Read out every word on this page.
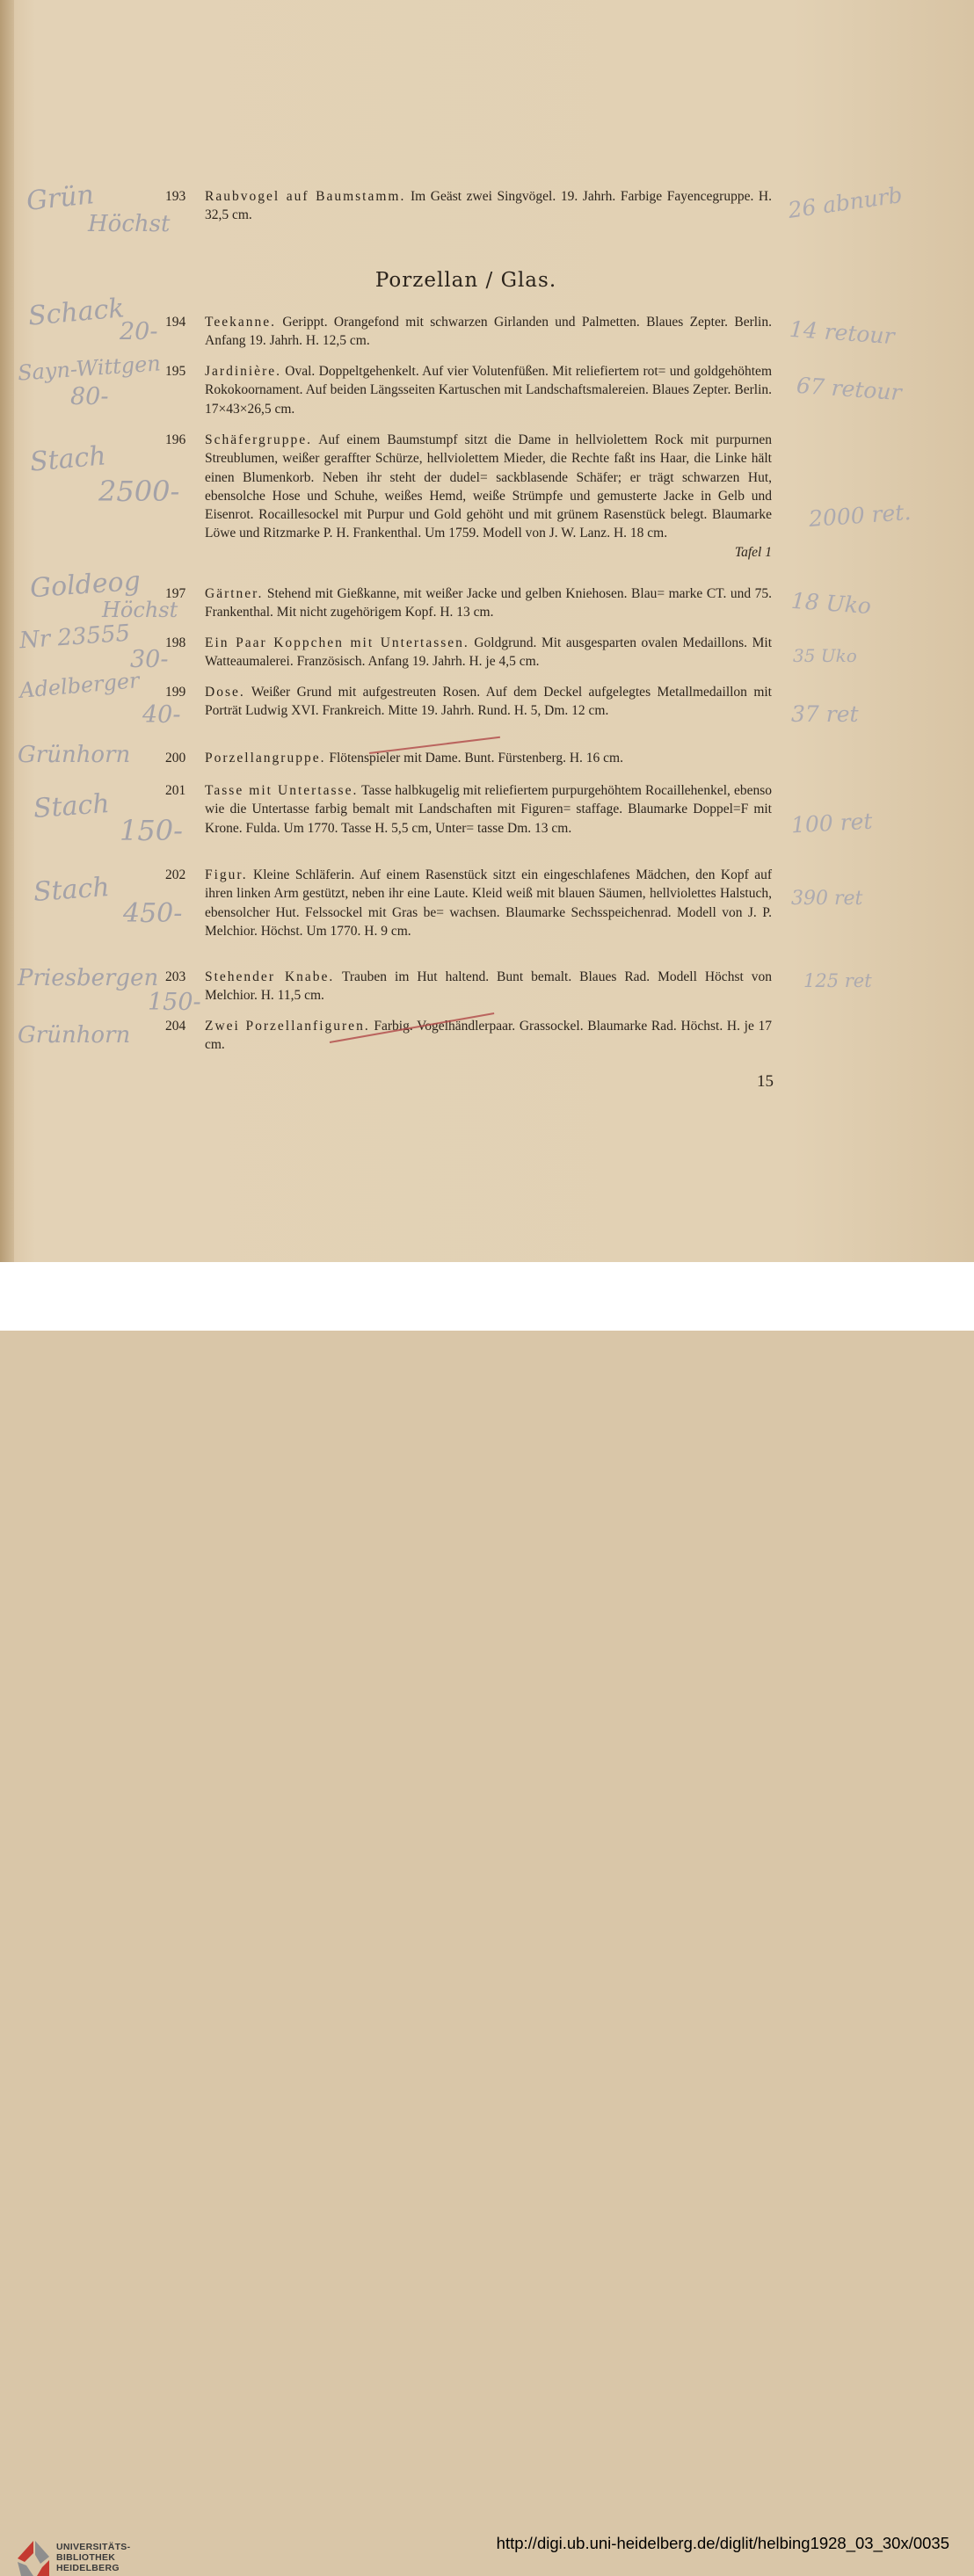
193	Raubvogel auf Baumstamm. Im Geäst zwei Singvögel. 19. Jahrh. Farbige Fayencegruppe. H. 32,5 cm.
Porzellan / Glas.
194	Teekanne. Gerippt. Orangefond mit schwarzen Girlanden und Palmetten. Blaues Zepter. Berlin. Anfang 19. Jahrh. H. 12,5 cm.
195	Jardinière. Oval. Doppeltgehenkelt. Auf vier Volutenfüßen. Mit reliefiertem rot= und goldgehöhtem Rokokoornament. Auf beiden Längsseiten Kartuschen mit Landschaftsmalereien. Blaues Zepter. Berlin. 17×43×26,5 cm.
196	Schäfergruppe. Auf einem Baumstumpf sitzt die Dame in hellviolettem Rock mit purpurnen Streublumen, weißer geraffter Schürze, hellviolettem Mieder, die Rechte faßt ins Haar, die Linke hält einen Blumenkorb. Neben ihr steht der dudel= sackblasende Schäfer; er trägt schwarzen Hut, ebensolche Hose und Schuhe, weißes Hemd, weiße Strümpfe und gemusterte Jacke in Gelb und Eisenrot. Rocaillesockel mit Purpur und Gold gehöht und mit grünem Rasenstück belegt. Blaumarke Löwe und Ritzmarke P. H. Frankenthal. Um 1759. Modell von J. W. Lanz. H. 18 cm.
Tafel 1
197	Gärtner. Stehend mit Gießkanne, mit weißer Jacke und gelben Kniehosen. Blau= marke CT. und 75. Frankenthal. Mit nicht zugehörigem Kopf. H. 13 cm.
198	Ein Paar Koppchen mit Untertassen. Goldgrund. Mit ausgesparten ovalen Medaillons. Mit Watteaumalerei. Französisch. Anfang 19. Jahrh. H. je 4,5 cm.
199	Dose. Weißer Grund mit aufgestreuten Rosen. Auf dem Deckel aufgelegtes Metallmedaillon mit Porträt Ludwig XVI. Frankreich. Mitte 19. Jahrh. Rund. H. 5, Dm. 12 cm.
200	Porzellangruppe. Flötenspieler mit Dame. Bunt. Fürstenberg. H. 16 cm.
201	Tasse mit Untertasse. Tasse halbkugelig mit reliefiertem purpurgehöhtem Rocaillehenkel, ebenso wie die Untertasse farbig bemalt mit Landschaften mit Figuren= staffage. Blaumarke Doppel=F mit Krone. Fulda. Um 1770. Tasse H. 5,5 cm, Unter= tasse Dm. 13 cm.
202	Figur. Kleine Schläferin. Auf einem Rasenstück sitzt ein eingeschlafenes Mädchen, den Kopf auf ihren linken Arm gestützt, neben ihr eine Laute. Kleid weiß mit blauen Säumen, hellviolettes Halstuch, ebensolcher Hut. Felssockel mit Gras be= wachsen. Blaumarke Sechsspeichenrad. Modell von J. P. Melchior. Höchst. Um 1770. H. 9 cm.
203	Stehender Knabe. Trauben im Hut haltend. Bunt bemalt. Blaues Rad. Modell Höchst von Melchior. H. 11,5 cm.
204	Zwei Porzellanfiguren. Farbig. Vogelhändlerpaar. Grassockel. Blaumarke Rad. Höchst. H. je 17 cm.
15
Grün
Höchst
Schack
20-
Sayn-Wittgen
80-
Stach
2500-
Goldeog
Höchst
Nr 23555
30-
Adelberger
40-
Grünhorn
Stach
150-
Stach
450-
Priesbergen
150-
Grünhorn
26 abnurb
14 retour
67 retour
2000 ret.
18 Uko
35 Uko
37 ret
100 ret
390 ret
125 ret
UNIVERSITÄTS-
BIBLIOTHEK
HEIDELBERG
http://digi.ub.uni-heidelberg.de/diglit/helbing1928_03_30x/0035
